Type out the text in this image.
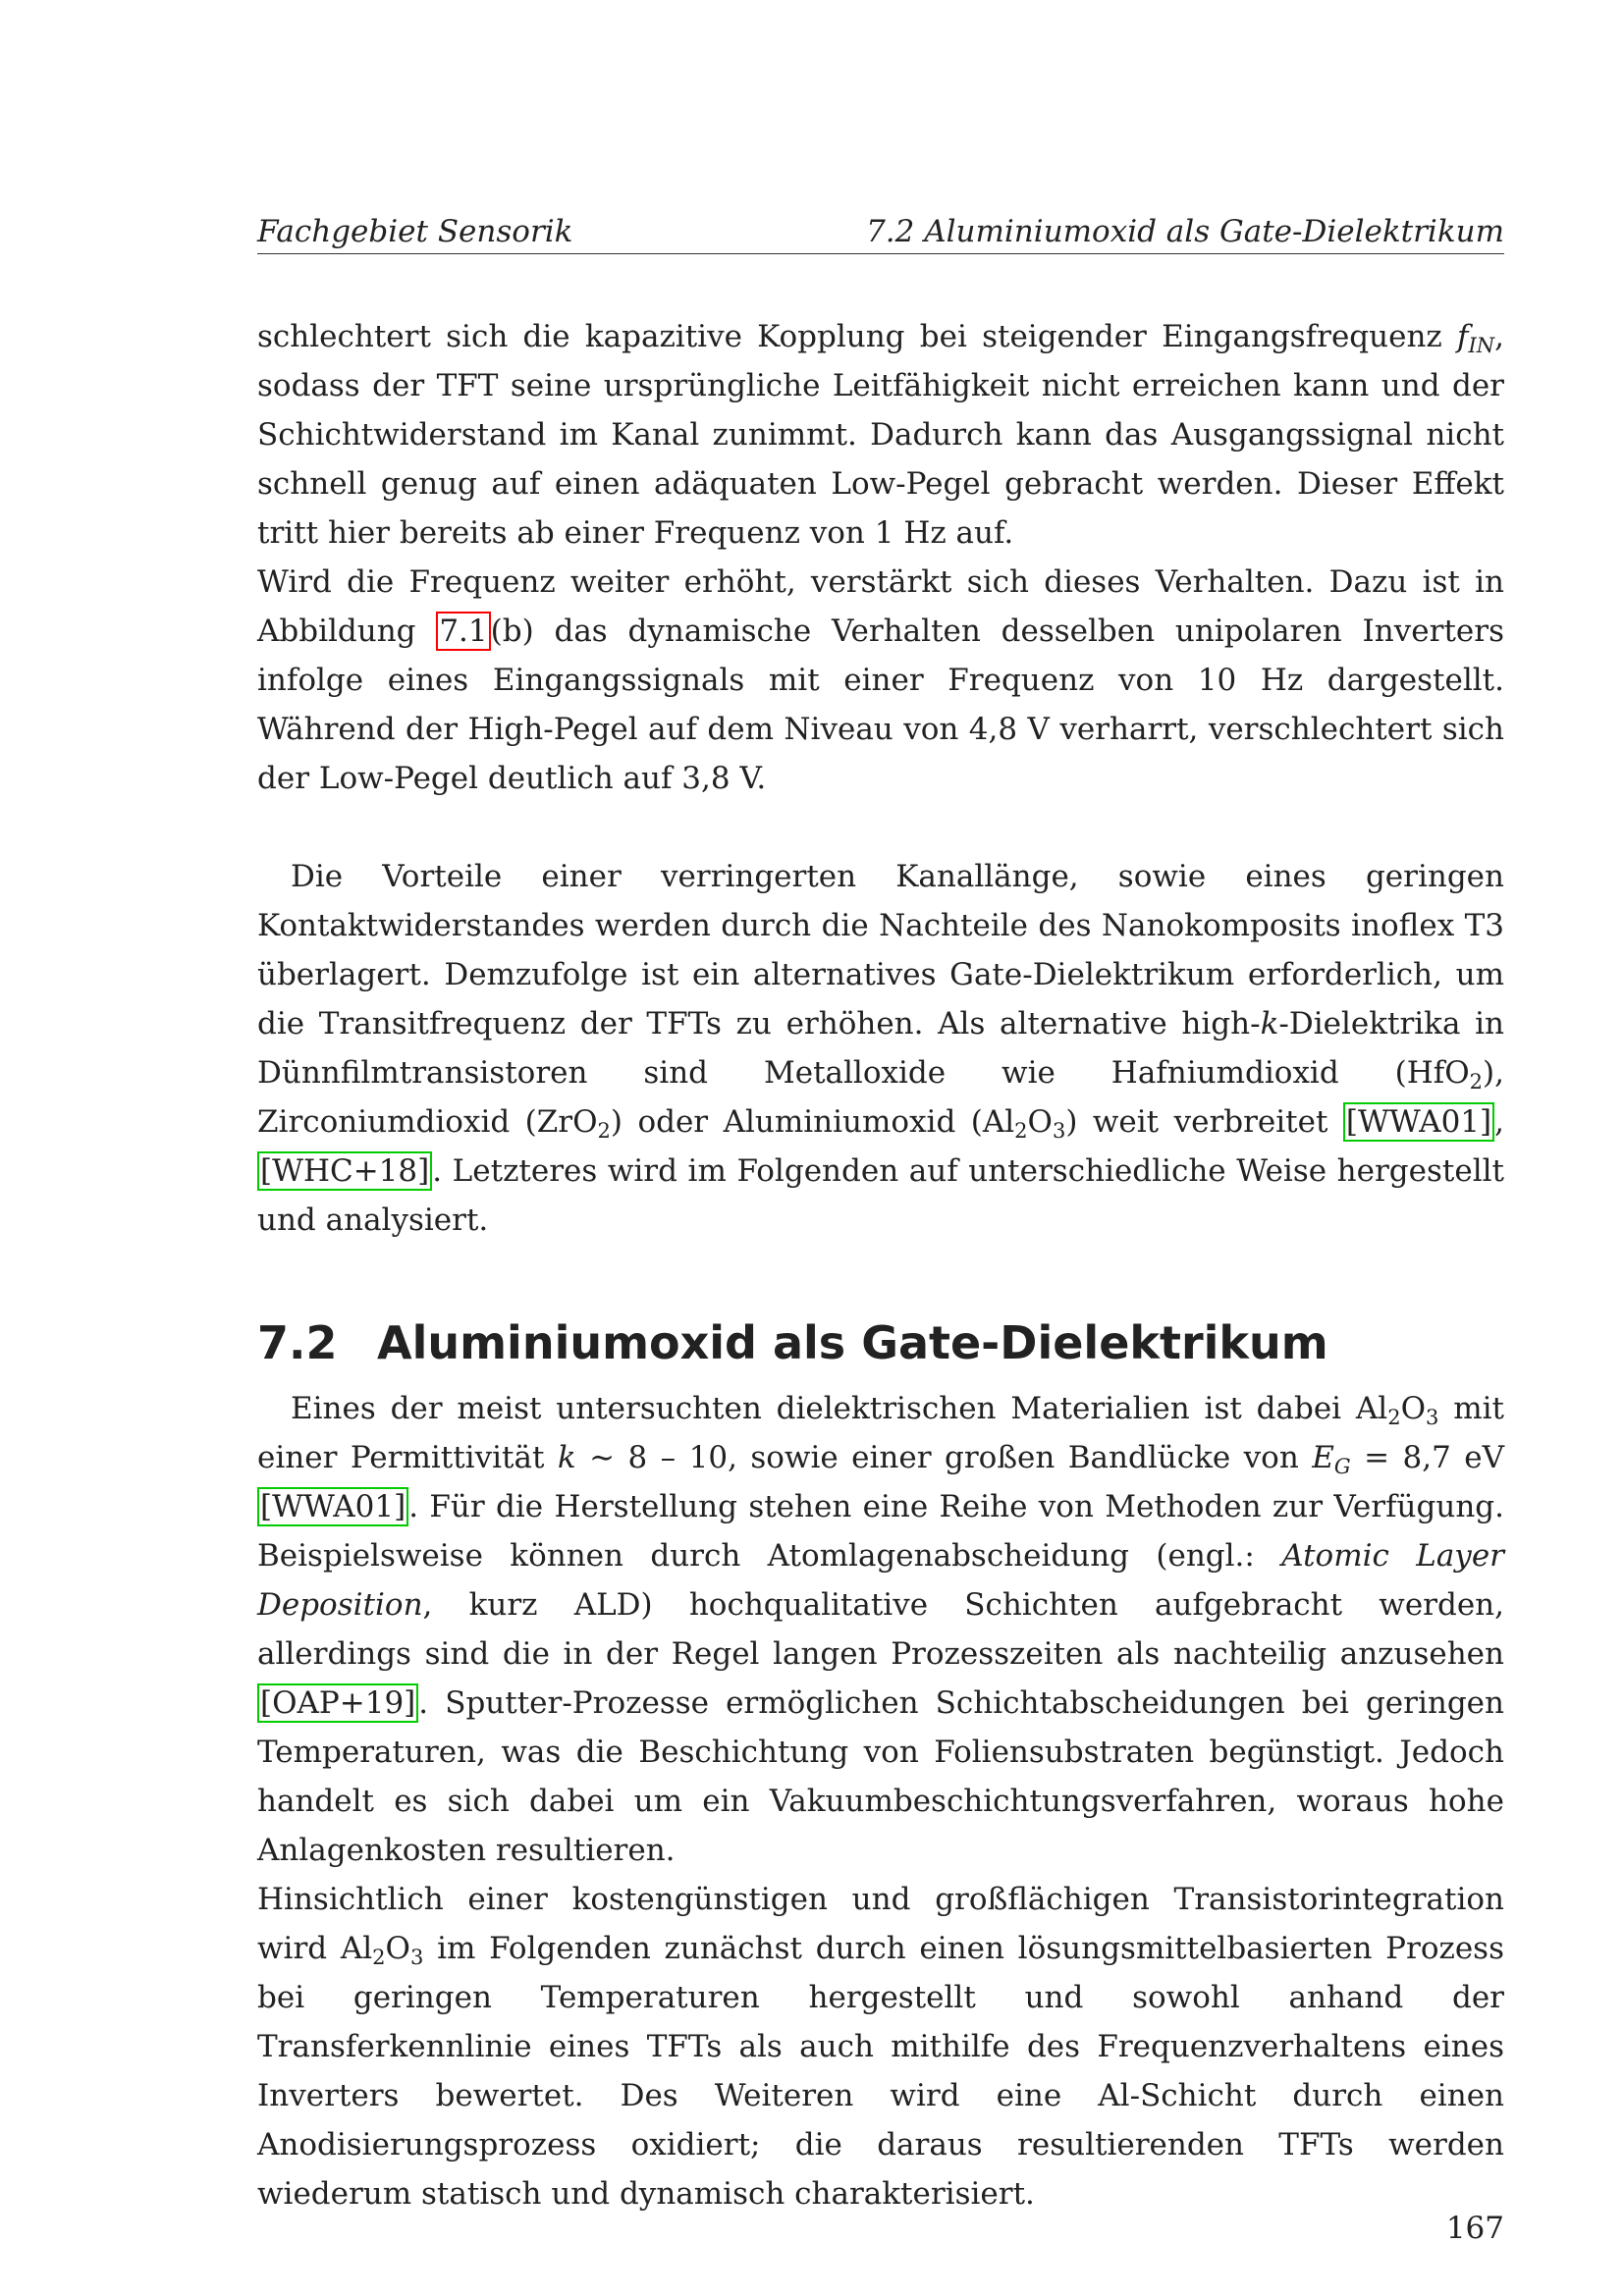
Fachgebiet Sensorik	7.2 Aluminiumoxid als Gate-Dielektrikum

schlechtert sich die kapazitive Kopplung bei steigender Eingangsfrequenz $f_{IN}$, sodass der TFT seine ursprüngliche Leitfähigkeit nicht erreichen kann und der Schichtwiderstand im Kanal zunimmt. Dadurch kann das Ausgangssignal nicht schnell genug auf einen adäquaten Low-Pegel gebracht werden. Dieser Effekt tritt hier bereits ab einer Frequenz von 1 Hz auf.

Wird die Frequenz weiter erhöht, verstärkt sich dieses Verhalten. Dazu ist in Abbildung 7.1(b) das dynamische Verhalten desselben unipolaren Inverters infolge eines Eingangssignals mit einer Frequenz von 10 Hz dargestellt. Während der High-Pegel auf dem Niveau von 4,8 V verharrt, verschlechtert sich der Low-Pegel deutlich auf 3,8 V.

Die Vorteile einer verringerten Kanallänge, sowie eines geringen Kontaktwiderstandes werden durch die Nachteile des Nanokomposits inoflex T3 überlagert. Demzufolge ist ein alternatives Gate-Dielektrikum erforderlich, um die Transitfrequenz der TFTs zu erhöhen. Als alternative high-k-Dielektrika in Dünnfilmtransistoren sind Metalloxide wie Hafniumdioxid (HfO$_2$), Zirconiumdioxid (ZrO$_2$) oder Aluminiumoxid $(Al_2O_3)$ weit verbreitet [WWA01],[WHC+18]. Letzteres wird im Folgenden auf unterschiedliche Weise hergestellt und analysiert.

7.2 Aluminiumoxid als Gate-Dielektrikum

Eines der meist untersuchten dielektrischen Materialien ist dabei $Al_2O_3$ mit einer Permittivität k ∼ 8 – 10, sowie einer großen Bandlücke von $E_G = 8,7$ eV [WWA01]. Für die Herstellung stehen eine Reihe von Methoden zur Verfügung. Beispielsweise können durch Atomlagenabscheidung (engl.: Atomic Layer Deposition, kurz ALD) hochqualitative Schichten aufgebracht werden, allerdings sind die in der Regel langen Prozesszeiten als nachteilig anzusehen [OAP+19]. Sputter-Prozesse ermöglichen Schichtabscheidungen bei geringen Temperaturen, was die Beschichtung von Foliensubstraten begünstigt. Jedoch handelt es sich dabei um ein Vakuumbeschichtungsverfahren, woraus hohe Anlagenkosten resultieren.

Hinsichtlich einer kostengünstigen und großflächigen Transistorintegration wird $Al_2O_3$ im Folgenden zunächst durch einen lösungsmittelbasierten Prozess bei geringen Temperaturen hergestellt und sowohl anhand der Transferkennlinie eines TFTs als auch mithilfe des Frequenzverhaltens eines Inverters bewertet. Des Weiteren wird eine Al-Schicht durch einen Anodisierungsprozess oxidiert; die daraus resultierenden TFTs werden wiederum statisch und dynamisch charakterisiert.

167
